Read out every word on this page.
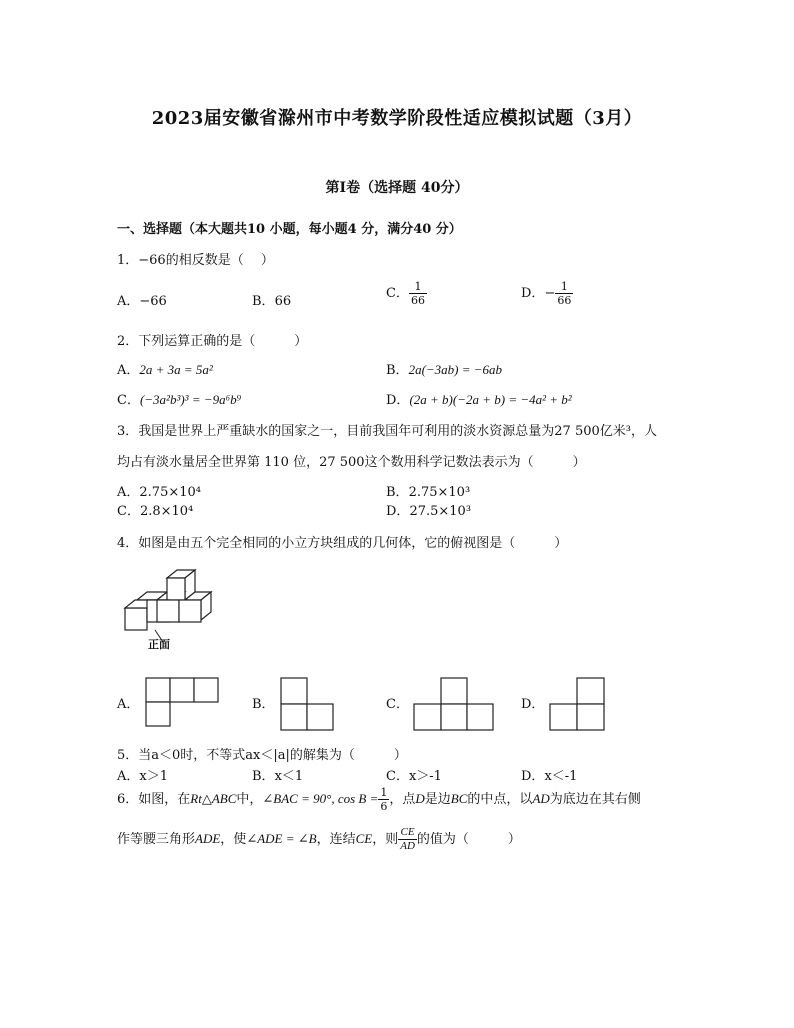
2023届安徽省滁州市中考数学阶段性适应模拟试题（3月）
第Ⅰ卷（选择题 40分）
一、选择题（本大题共10 小题，每小题4 分，满分40 分）
1．−66的相反数是（　 ）
A．−66	B．66
C． $\frac{1}{66}$	D．− $\frac{1}{66}$
2．下列运算正确的是（　　　）
A．2a + 3a = 5a²	B．2a(−3ab) = −6ab
C．(−3a²b³)³ = −9a⁶b⁹	D．(2a + b)(−2a + b) = −4a² + b²
3．我国是世界上严重缺水的国家之一，目前我国年可利用的淡水资源总量为27 500亿米³，人
均占有淡水量居全世界第 110 位，27 500这个数用科学记数法表示为（　　　）
A．2.75×10⁴	B．2.75×10³
C．2.8×10⁴	D．27.5×10³
4．如图是由五个完全相同的小立方块组成的几何体，它的俯视图是（　　　）
正面
A．	B．	C．	D．
5．当a＜0时，不等式ax＜|a|的解集为（　　　）
A．x＞1	B．x＜1	C．x＞-1	D．x＜-1
6．如图，在Rt△ABC中，∠BAC = 90°, $\cos B = \frac{1}{6}$ ，点D是边BC的中点，以AD为底边在其右侧
作等腰三角形ADE，使∠ADE = ∠B，连结CE，则 $\frac{CE}{AD}$ 的值为（　　　）
